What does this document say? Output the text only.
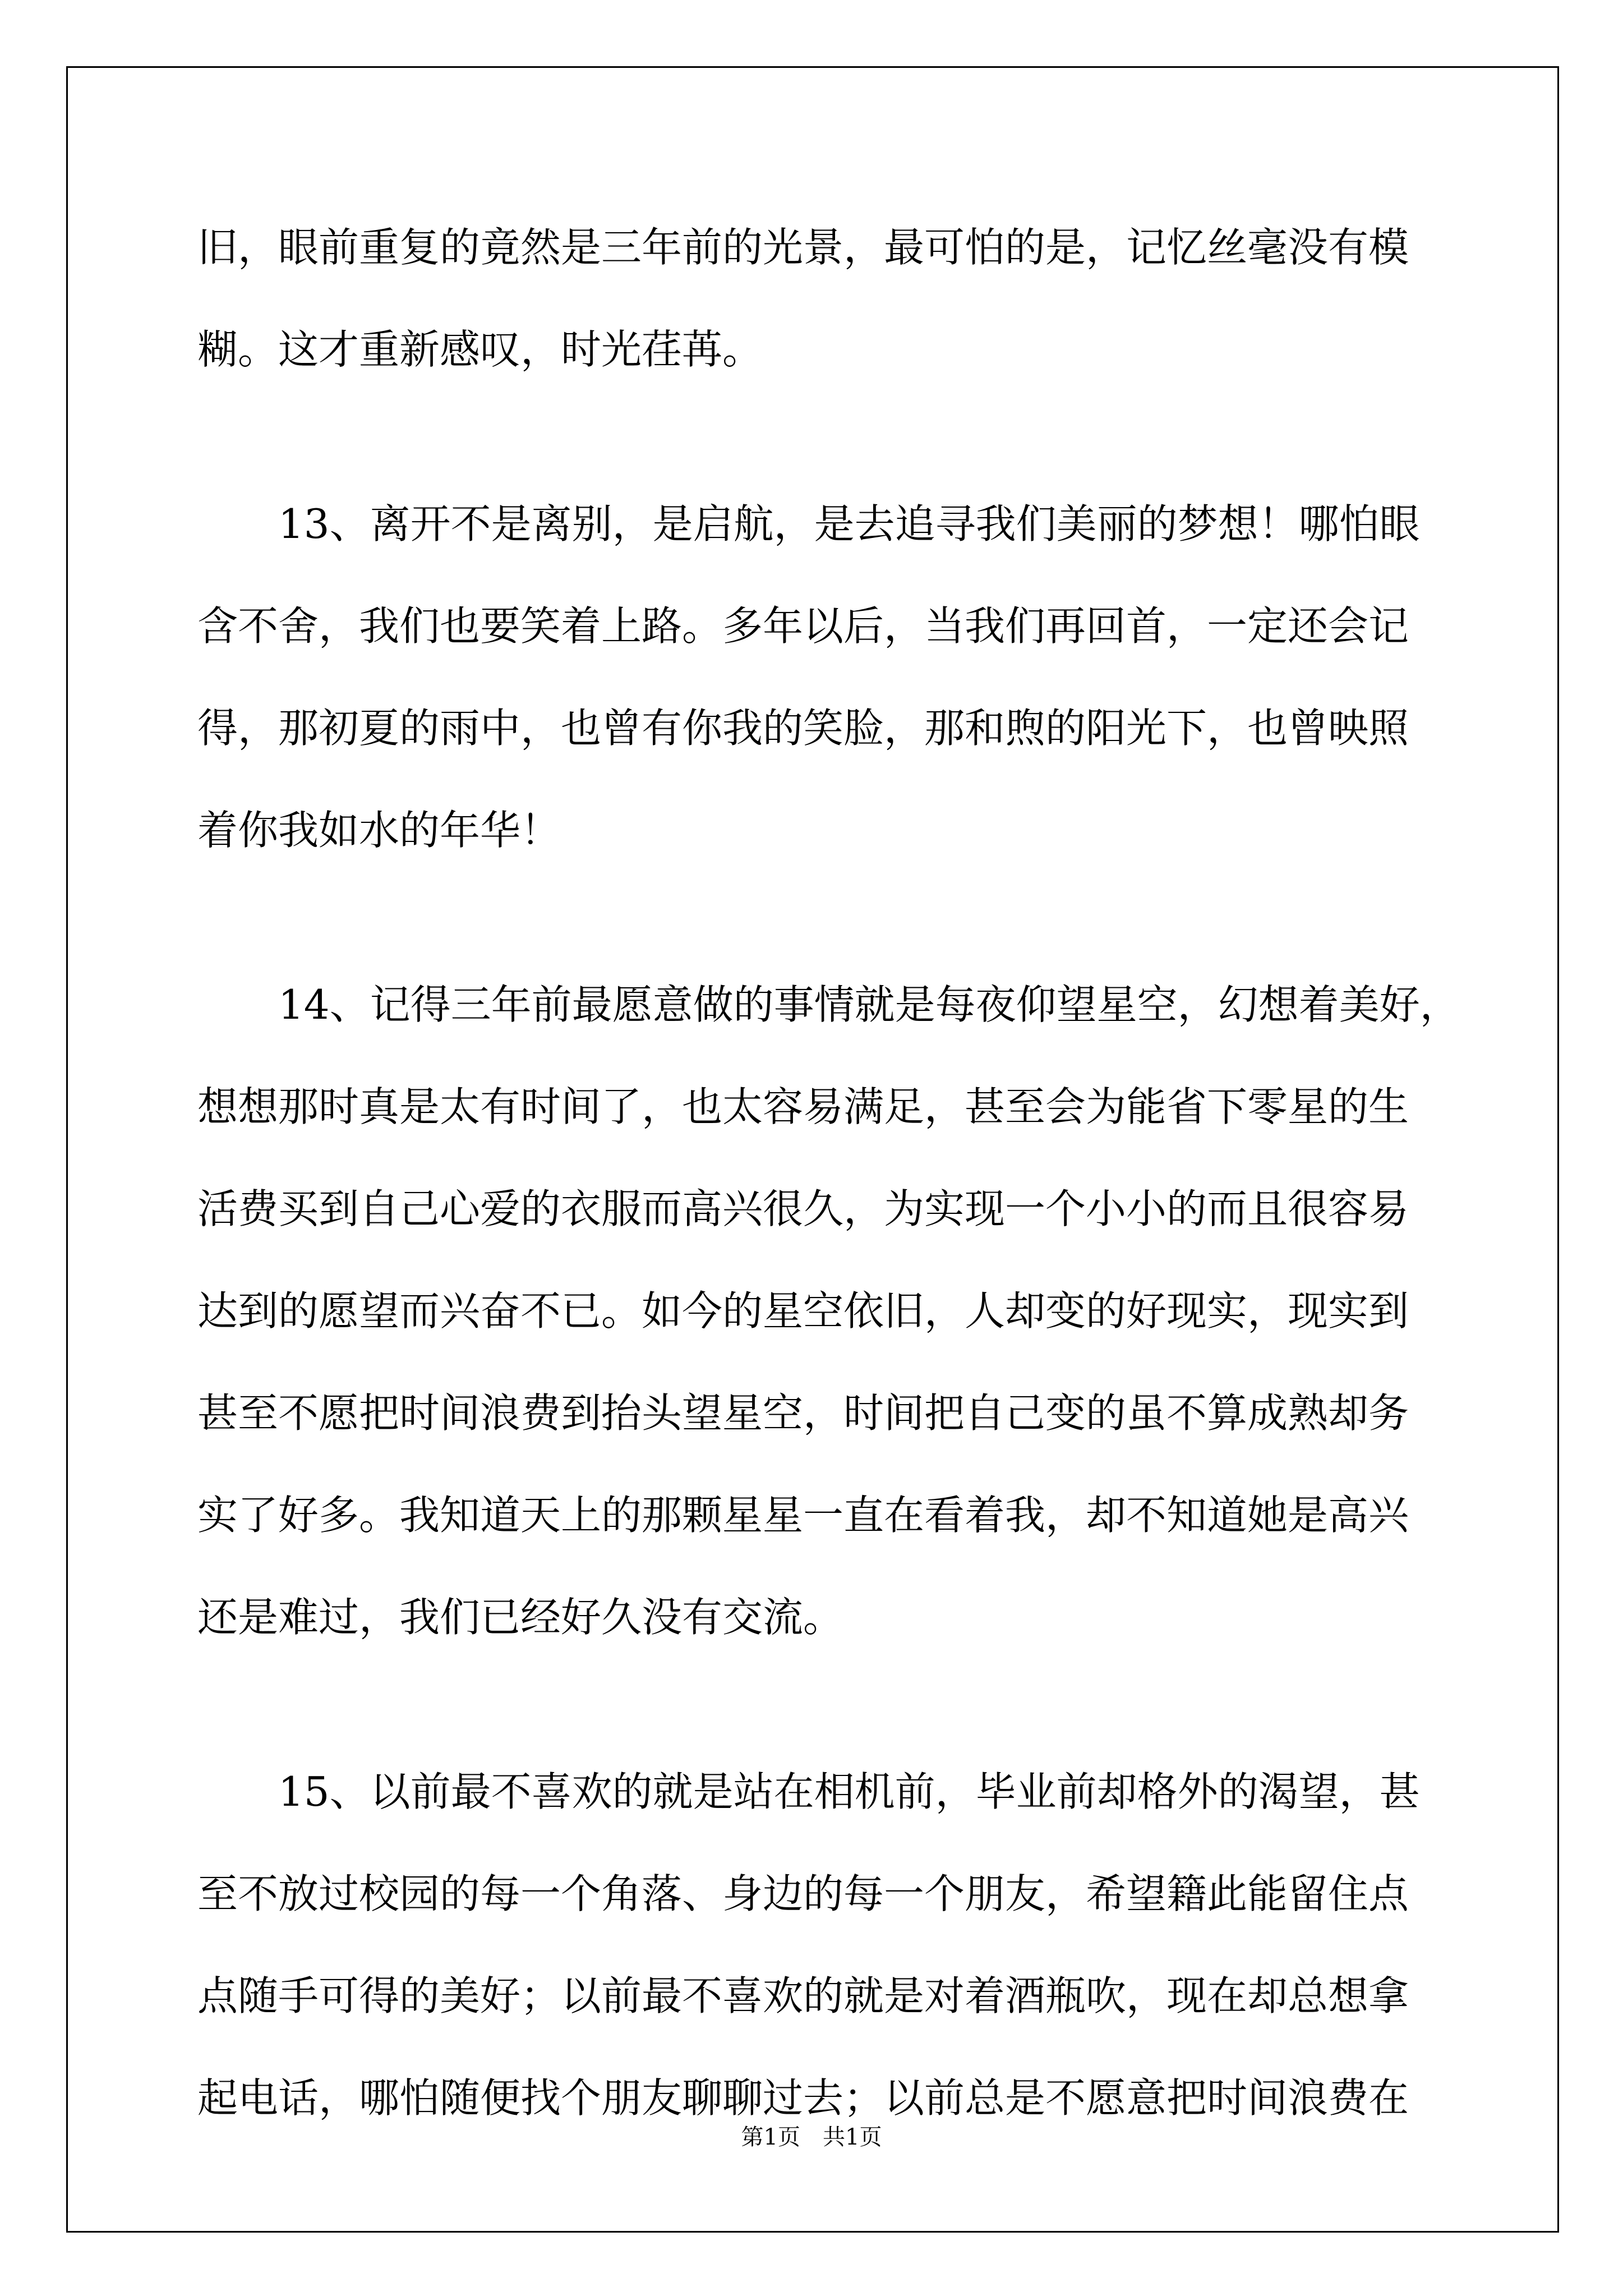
旧，眼前重复的竟然是三年前的光景，最可怕的是，记忆丝毫没有模
糊。这才重新感叹，时光荏苒。
　　13、离开不是离别，是启航，是去追寻我们美丽的梦想！哪怕眼
含不舍，我们也要笑着上路。多年以后，当我们再回首，一定还会记
得，那初夏的雨中，也曾有你我的笑脸，那和煦的阳光下，也曾映照
着你我如水的年华！
　　14、记得三年前最愿意做的事情就是每夜仰望星空，幻想着美好，
想想那时真是太有时间了，也太容易满足，甚至会为能省下零星的生
活费买到自己心爱的衣服而高兴很久，为实现一个小小的而且很容易
达到的愿望而兴奋不已。如今的星空依旧，人却变的好现实，现实到
甚至不愿把时间浪费到抬头望星空，时间把自己变的虽不算成熟却务
实了好多。我知道天上的那颗星星一直在看着我，却不知道她是高兴
还是难过，我们已经好久没有交流。
　　15、以前最不喜欢的就是站在相机前，毕业前却格外的渴望，甚
至不放过校园的每一个角落、身边的每一个朋友，希望籍此能留住点
点随手可得的美好；以前最不喜欢的就是对着酒瓶吹，现在却总想拿
起电话，哪怕随便找个朋友聊聊过去；以前总是不愿意把时间浪费在
第1页　共1页
